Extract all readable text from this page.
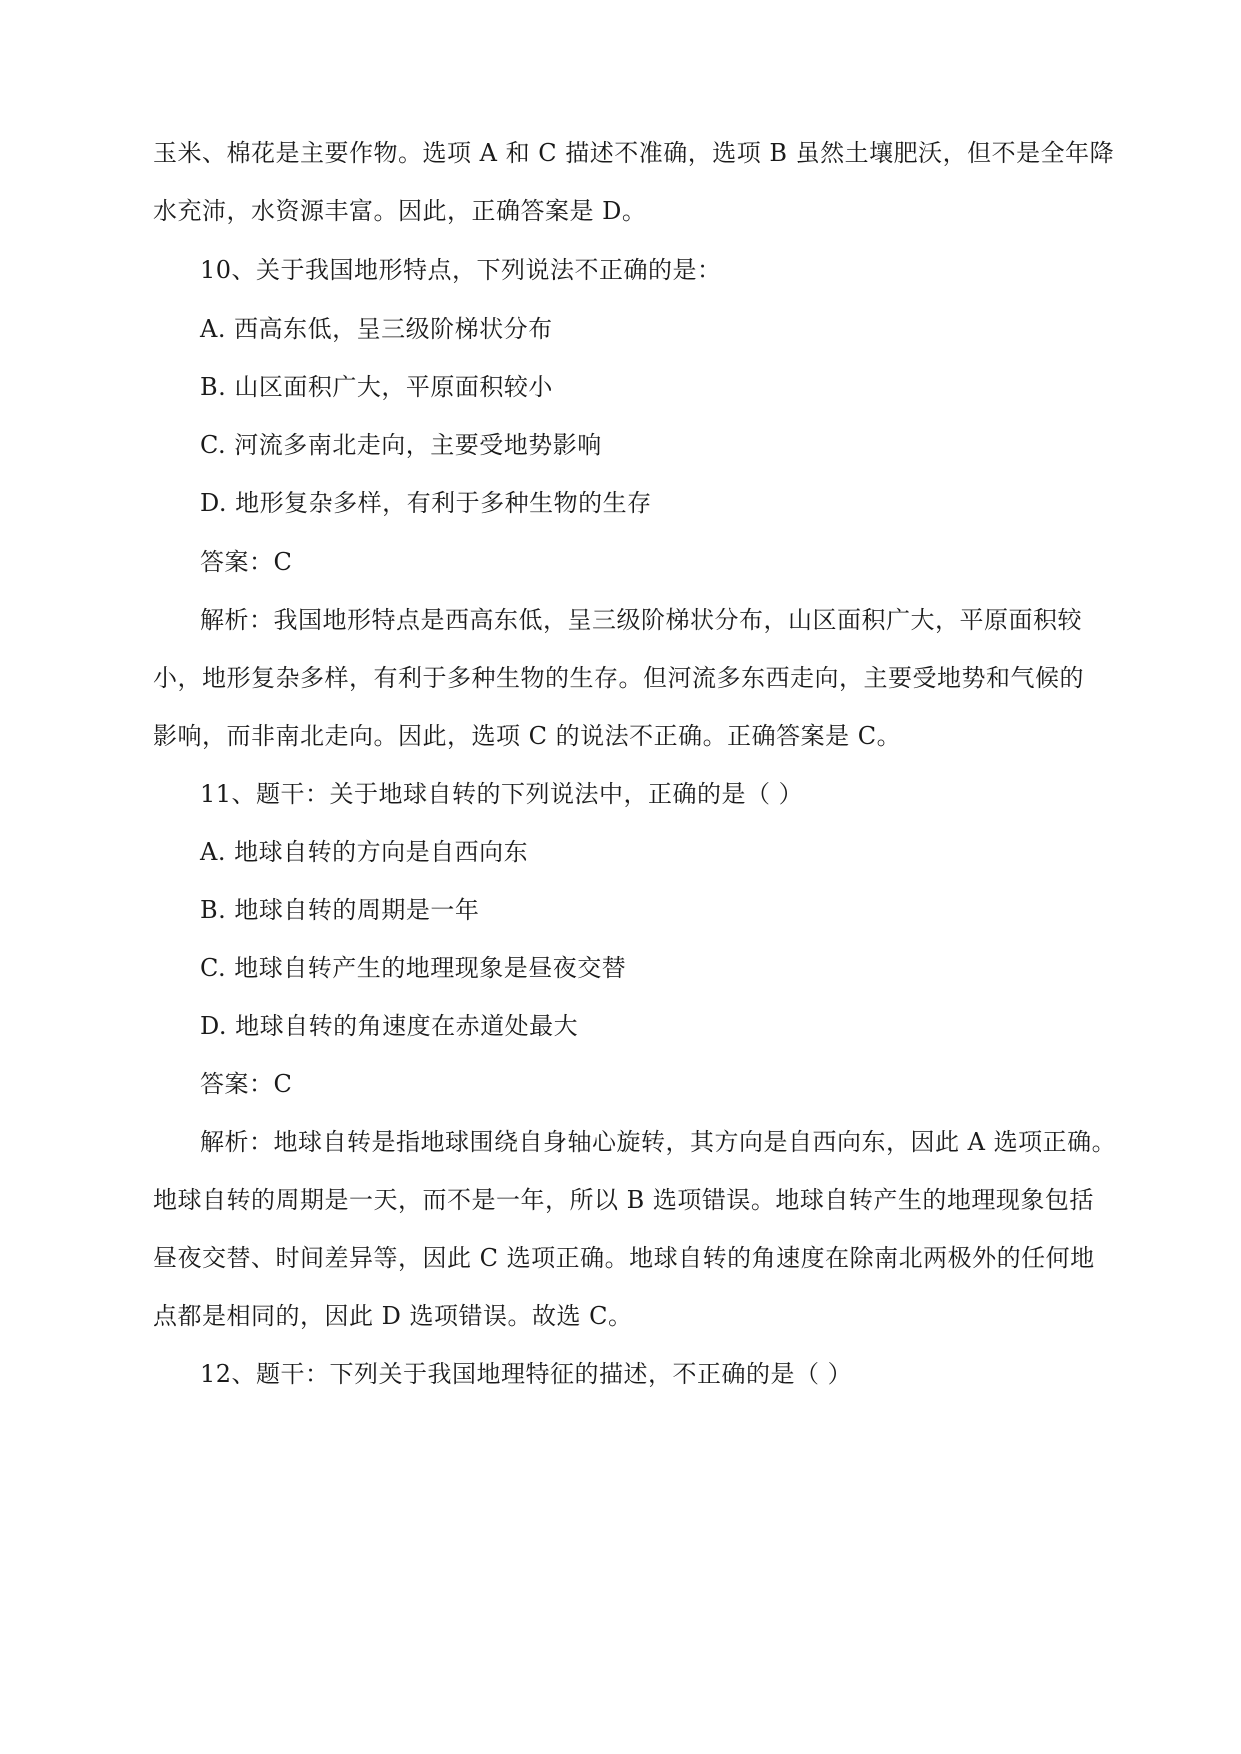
玉米、棉花是主要作物。选项 A 和 C 描述不准确，选项 B 虽然土壤肥沃，但不是全年降
水充沛，水资源丰富。因此，正确答案是 D。
10、关于我国地形特点，下列说法不正确的是：
A. 西高东低，呈三级阶梯状分布
B. 山区面积广大，平原面积较小
C. 河流多南北走向，主要受地势影响
D. 地形复杂多样，有利于多种生物的生存
答案：C
解析：我国地形特点是西高东低，呈三级阶梯状分布，山区面积广大，平原面积较
小，地形复杂多样，有利于多种生物的生存。但河流多东西走向，主要受地势和气候的
影响，而非南北走向。因此，选项 C 的说法不正确。正确答案是 C。
11、题干：关于地球自转的下列说法中，正确的是（ ）
A. 地球自转的方向是自西向东
B. 地球自转的周期是一年
C. 地球自转产生的地理现象是昼夜交替
D. 地球自转的角速度在赤道处最大
答案：C
解析：地球自转是指地球围绕自身轴心旋转，其方向是自西向东，因此 A 选项正确。
地球自转的周期是一天，而不是一年，所以 B 选项错误。地球自转产生的地理现象包括
昼夜交替、时间差异等，因此 C 选项正确。地球自转的角速度在除南北两极外的任何地
点都是相同的，因此 D 选项错误。故选 C。
12、题干：下列关于我国地理特征的描述，不正确的是（ ）
